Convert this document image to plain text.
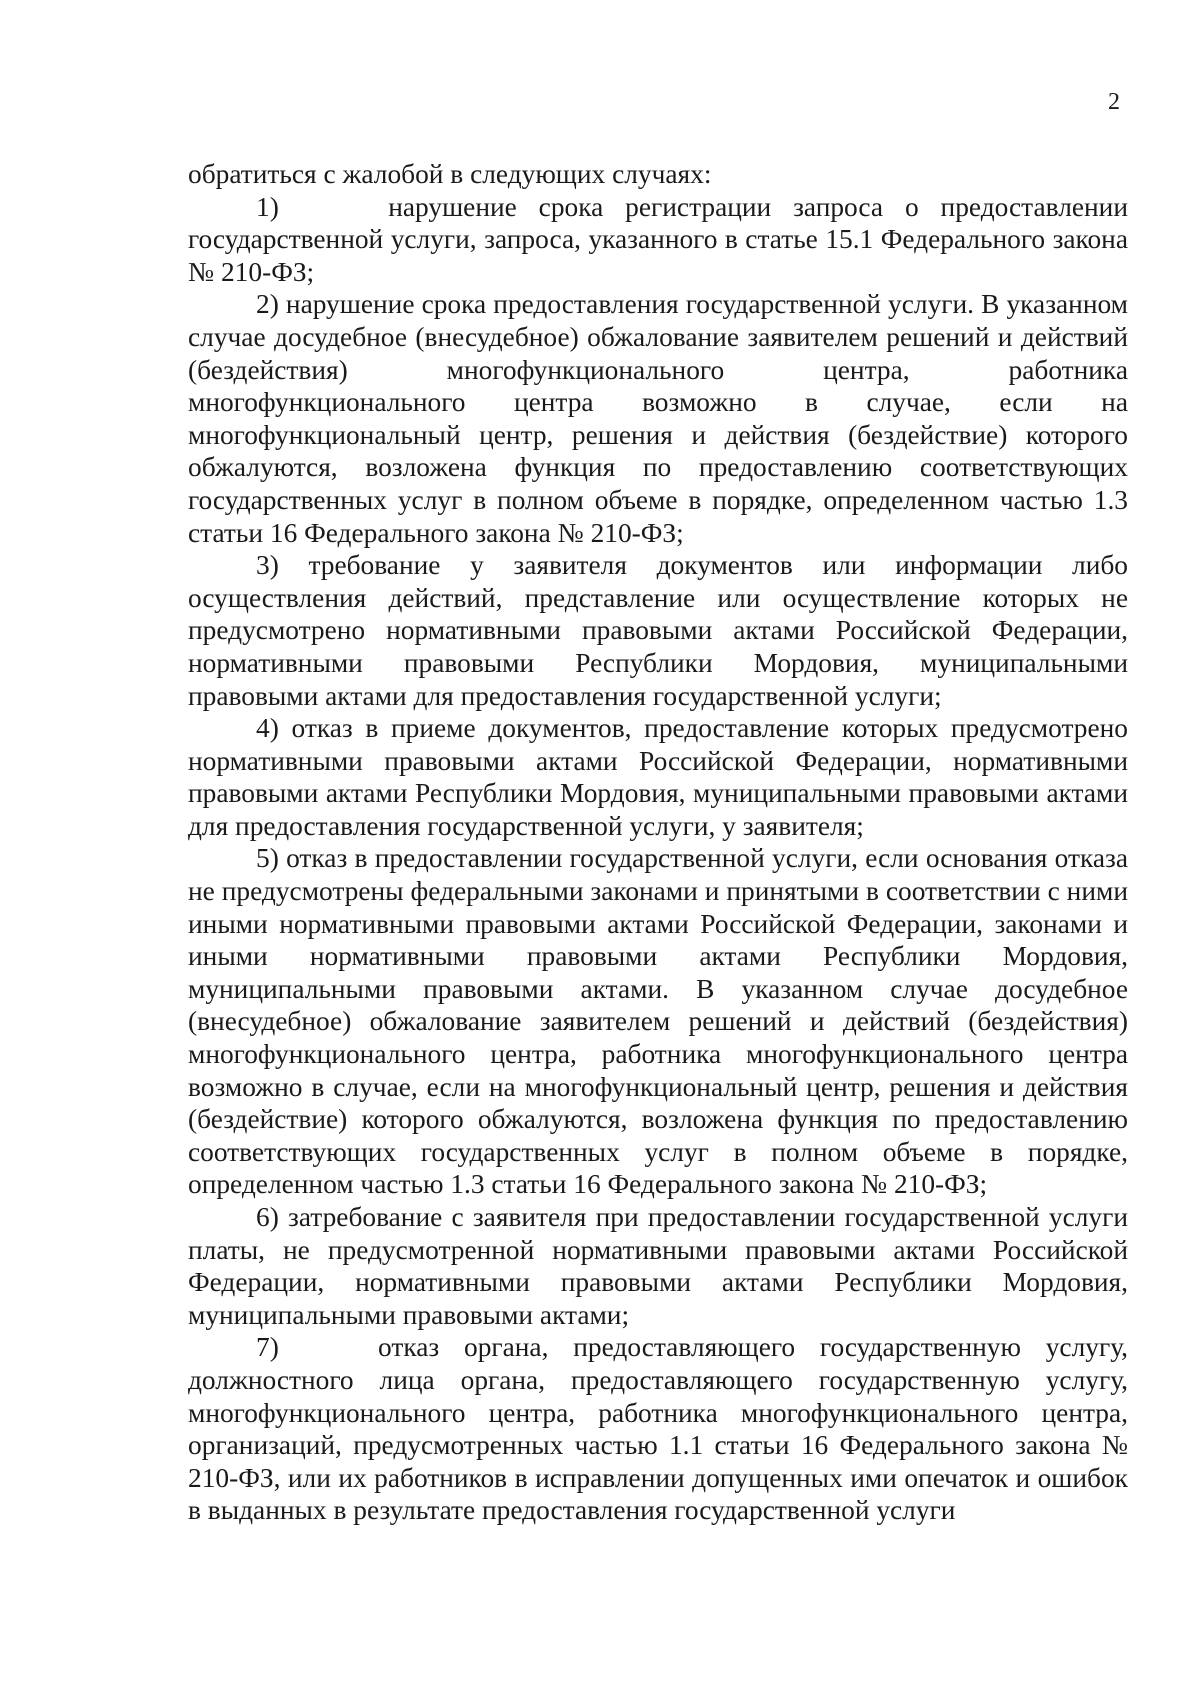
2

обратиться с жалобой в следующих случаях:

1)     нарушение срока регистрации запроса о предоставлении государственной услуги, запроса, указанного в статье 15.1 Федерального закона № 210-ФЗ;

2) нарушение срока предоставления государственной услуги. В указанном случае досудебное (внесудебное) обжалование заявителем решений и действий (бездействия) многофункционального центра, работника многофункционального центра возможно в случае, если на многофункциональный центр, решения и действия (бездействие) которого обжалуются, возложена функция по предоставлению соответствующих государственных услуг в полном объеме в порядке, определенном частью 1.3 статьи 16 Федерального закона № 210-ФЗ;

3) требование у заявителя документов или информации либо осуществления действий, представление или осуществление которых не предусмотрено нормативными правовыми актами Российской Федерации, нормативными правовыми Республики Мордовия, муниципальными правовыми актами для предоставления государственной услуги;

4) отказ в приеме документов, предоставление которых предусмотрено нормативными правовыми актами Российской Федерации, нормативными правовыми актами Республики Мордовия, муниципальными правовыми актами для предоставления государственной услуги, у заявителя;

5) отказ в предоставлении государственной услуги, если основания отказа не предусмотрены федеральными законами и принятыми в соответствии с ними иными нормативными правовыми актами Российской Федерации, законами и иными нормативными правовыми актами Республики Мордовия, муниципальными правовыми актами. В указанном случае досудебное (внесудебное) обжалование заявителем решений и действий (бездействия) многофункционального центра, работника многофункционального центра возможно в случае, если на многофункциональный центр, решения и действия (бездействие) которого обжалуются, возложена функция по предоставлению соответствующих государственных услуг в полном объеме в порядке, определенном частью 1.3 статьи 16 Федерального закона № 210-ФЗ;

6) затребование с заявителя при предоставлении государственной услуги платы, не предусмотренной нормативными правовыми актами Российской Федерации, нормативными правовыми актами Республики Мордовия, муниципальными правовыми актами;

7)    отказ органа, предоставляющего государственную услугу, должностного лица органа, предоставляющего государственную услугу, многофункционального центра, работника многофункционального центра, организаций, предусмотренных частью 1.1 статьи 16 Федерального закона № 210-ФЗ, или их работников в исправлении допущенных ими опечаток и ошибок в выданных в результате предоставления государственной услуги
